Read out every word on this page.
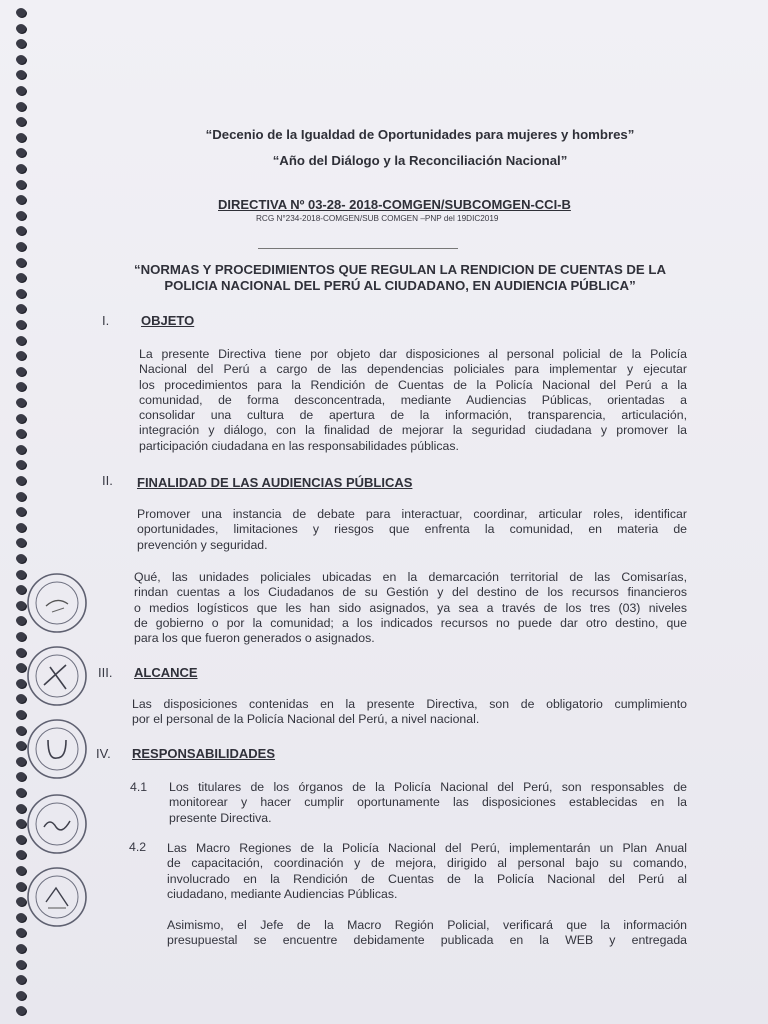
“Decenio de la Igualdad de Oportunidades para mujeres y hombres”
“Año del Diálogo y la Reconciliación Nacional”
DIRECTIVA Nº 03-28- 2018-COMGEN/SUBCOMGEN-CCI-B
RCG N°234-2018-COMGEN/SUB COMGEN –PNP del 19DIC2019
“NORMAS Y PROCEDIMIENTOS QUE REGULAN LA RENDICION DE CUENTAS DE LA
POLICIA NACIONAL DEL PERÚ AL CIUDADANO, EN AUDIENCIA PÚBLICA”
I. OBJETO
La presente Directiva tiene por objeto dar disposiciones al personal policial de la Policía
Nacional del Perú a cargo de las dependencias policiales para implementar y ejecutar
los procedimientos para la Rendición de Cuentas de la Policía Nacional del Perú a la
comunidad, de forma desconcentrada, mediante Audiencias Públicas, orientadas a
consolidar una cultura de apertura de la información, transparencia, articulación,
integración y diálogo, con la finalidad de mejorar la seguridad ciudadana y promover la
participación ciudadana en las responsabilidades públicas.
II. FINALIDAD DE LAS AUDIENCIAS PÚBLICAS
Promover una instancia de debate para interactuar, coordinar, articular roles, identificar
oportunidades, limitaciones y riesgos que enfrenta la comunidad, en materia de
prevención y seguridad.
Qué, las unidades policiales ubicadas en la demarcación territorial de las Comisarías,
rindan cuentas a los Ciudadanos de su Gestión y del destino de los recursos financieros
o medios logísticos que les han sido asignados, ya sea a través de los tres (03) niveles
de gobierno o por la comunidad; a los indicados recursos no puede dar otro destino, que
para los que fueron generados o asignados.
III. ALCANCE
Las disposiciones contenidas en la presente Directiva, son de obligatorio cumplimiento
por el personal de la Policía Nacional del Perú, a nivel nacional.
IV. RESPONSABILIDADES
4.1 Los titulares de los órganos de la Policía Nacional del Perú, son responsables de
monitorear y hacer cumplir oportunamente las disposiciones establecidas en la
presente Directiva.
4.2 Las Macro Regiones de la Policía Nacional del Perú, implementarán un Plan Anual
de capacitación, coordinación y de mejora, dirigido al personal bajo su comando,
involucrado en la Rendición de Cuentas de la Policía Nacional del Perú al
ciudadano, mediante Audiencias Públicas.
Asimismo, el Jefe de la Macro Región Policial, verificará que la información
presupuestal se encuentre debidamente publicada en la WEB y entregada
